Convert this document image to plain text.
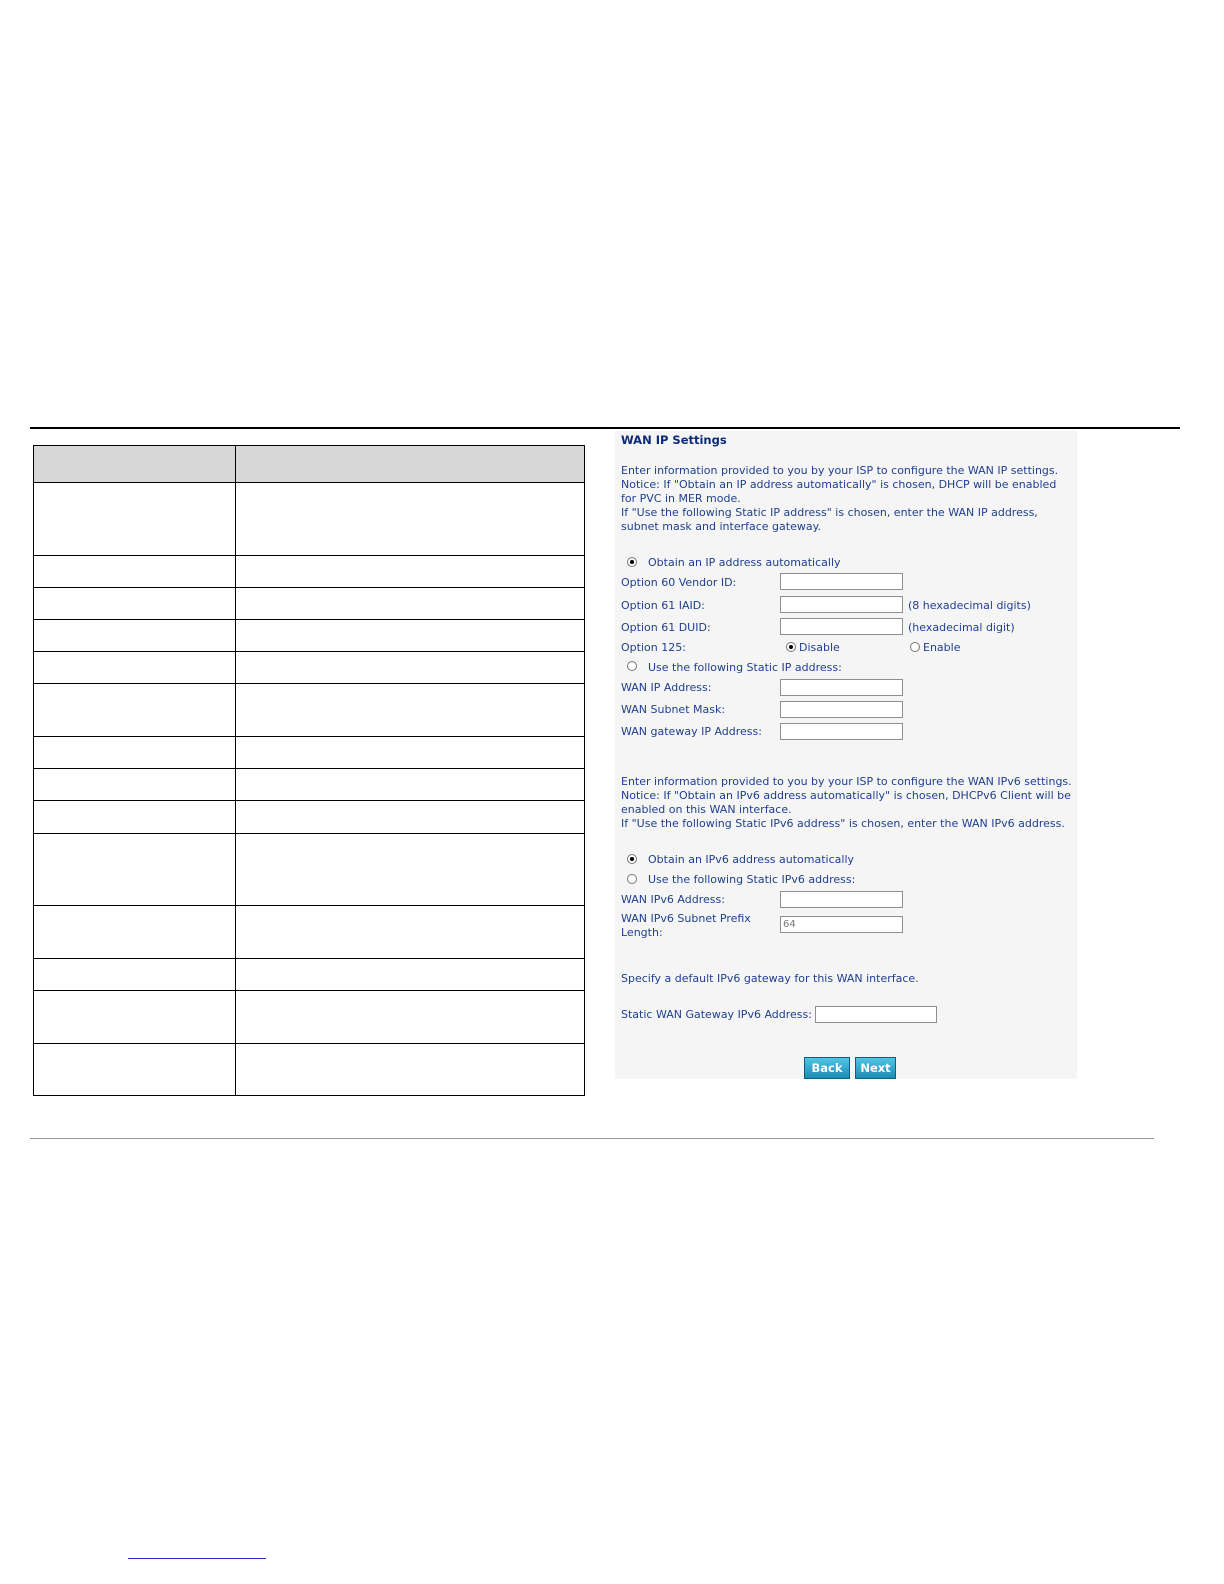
WAN IP Settings
Enter information provided to you by your ISP to configure the WAN IP settings.
Notice: If "Obtain an IP address automatically" is chosen, DHCP will be enabled for PVC in MER mode.
If "Use the following Static IP address" is chosen, enter the WAN IP address, subnet mask and interface gateway.
Obtain an IP address automatically
Option 60 Vendor ID:
Option 61 IAID:	(8 hexadecimal digits)
Option 61 DUID:	(hexadecimal digit)
Option 125:	Disable	Enable
Use the following Static IP address:
WAN IP Address:
WAN Subnet Mask:
WAN gateway IP Address:
Enter information provided to you by your ISP to configure the WAN IPv6 settings.
Notice: If "Obtain an IPv6 address automatically" is chosen, DHCPv6 Client will be enabled on this WAN interface.
If "Use the following Static IPv6 address" is chosen, enter the WAN IPv6 address.
Obtain an IPv6 address automatically
Use the following Static IPv6 address:
WAN IPv6 Address:
WAN IPv6 Subnet Prefix
Length:
64
Specify a default IPv6 gateway for this WAN interface.
Static WAN Gateway IPv6 Address:
Back	Next
